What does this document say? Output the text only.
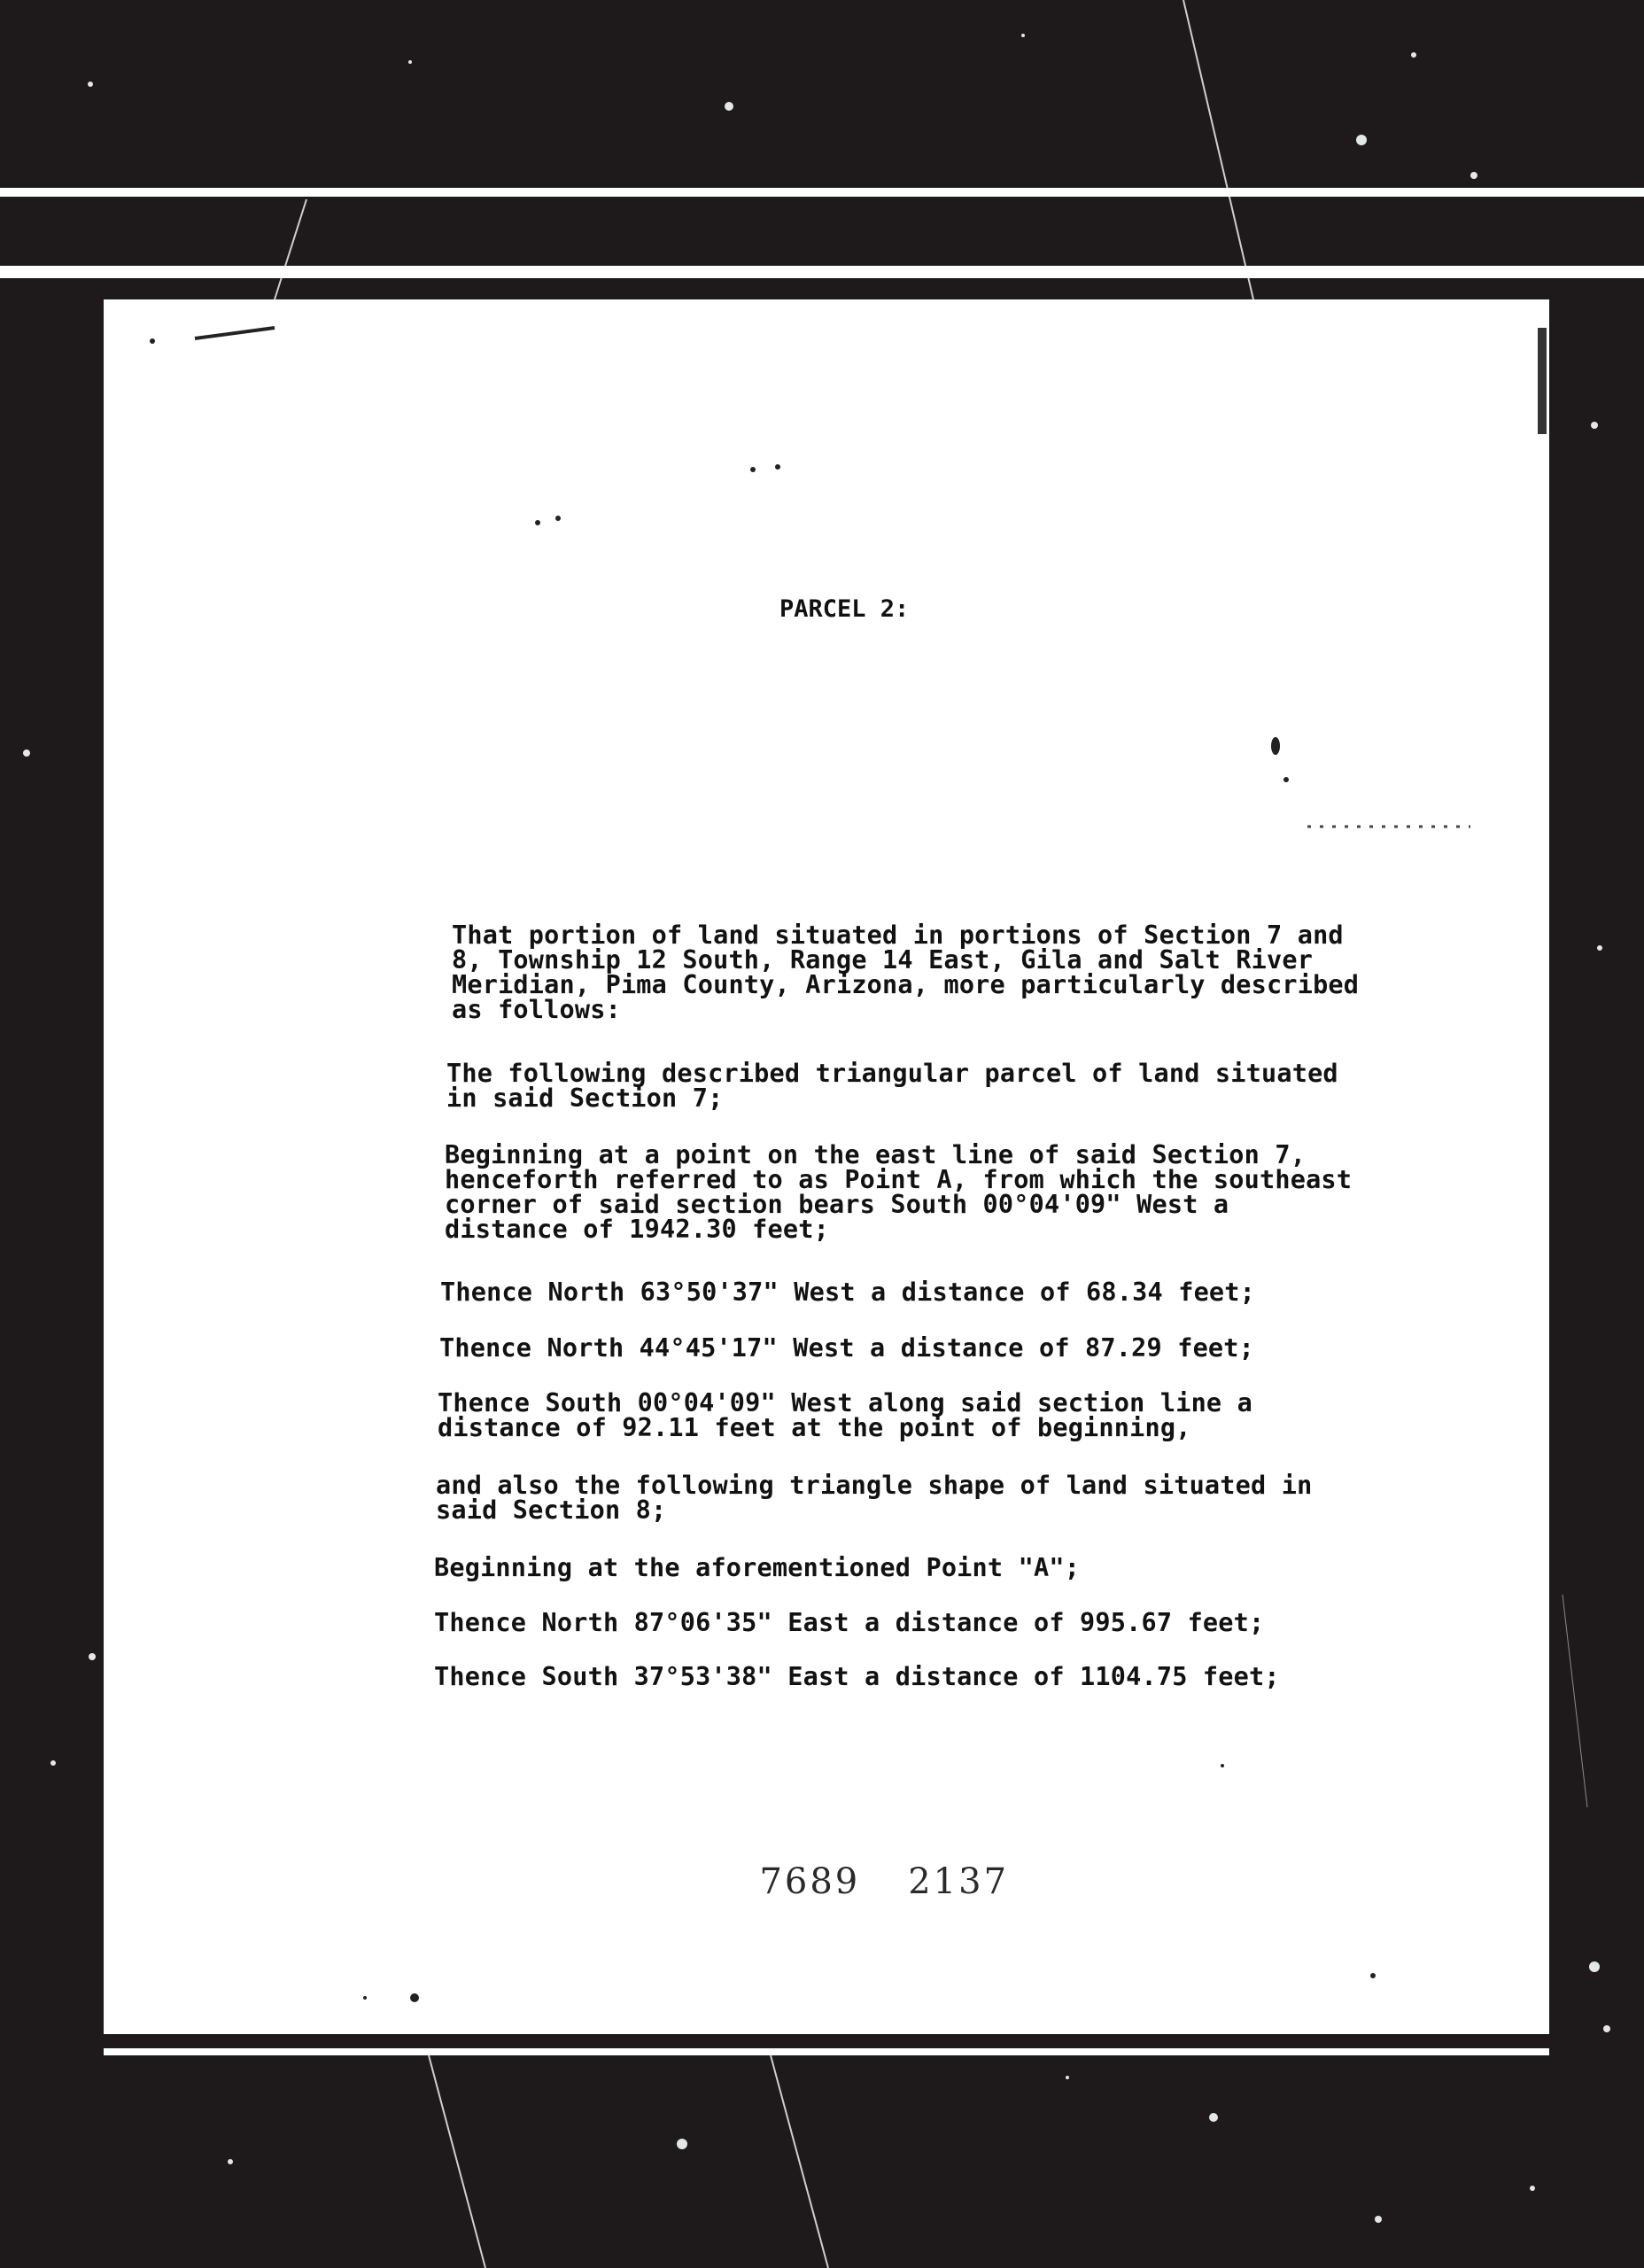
PARCEL 2:

That portion of land situated in portions of Section 7 and
8, Township 12 South, Range 14 East, Gila and Salt River
Meridian, Pima County, Arizona, more particularly described
as follows:

The following described triangular parcel of land situated
in said Section 7;

Beginning at a point on the east line of said Section 7,
henceforth referred to as Point A, from which the southeast
corner of said section bears South 00°04'09" West a
distance of 1942.30 feet;

Thence North 63°50'37" West a distance of 68.34 feet;

Thence North 44°45'17" West a distance of 87.29 feet;

Thence South 00°04'09" West along said section line a
distance of 92.11 feet at the point of beginning,

and also the following triangle shape of land situated in
said Section 8;

Beginning at the aforementioned Point "A";

Thence North 87°06'35" East a distance of 995.67 feet;

Thence South 37°53'38" East a distance of 1104.75 feet;

7689 2137
